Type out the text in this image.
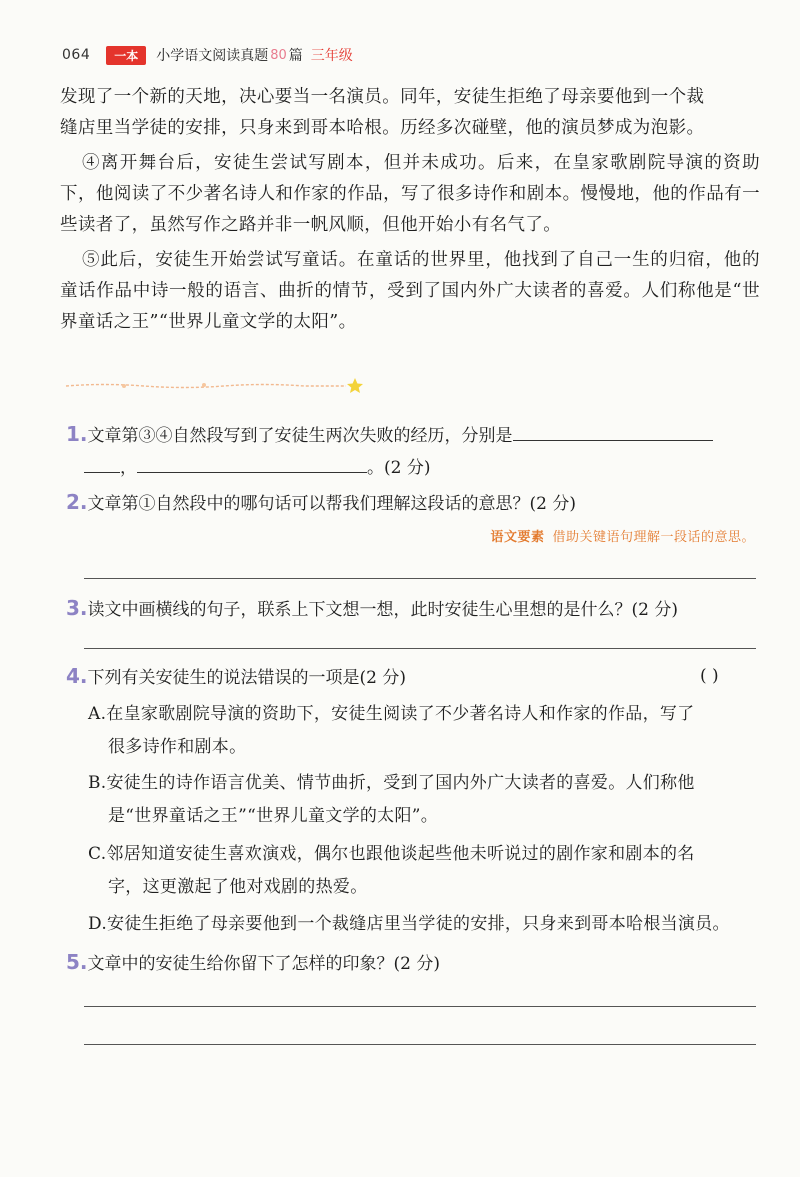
064	一本	小学语文阅读真题 80 篇 三年级

发现了一个新的天地，决心要当一名演员。同年，安徒生拒绝了母亲要他到一个裁

缝店里当学徒的安排，只身来到哥本哈根。历经多次碰壁，他的演员梦成为泡影。

④离开舞台后，安徒生尝试写剧本，但并未成功。后来，在皇家歌剧院导演的资助下，他阅读了不少著名诗人和作家的作品，写了很多诗作和剧本。慢慢地，他的作品有一些读者了，虽然写作之路并非一帆风顺，但他开始小有名气了。

⑤此后，安徒生开始尝试写童话。在童话的世界里，他找到了自己一生的归宿，他的童话作品中诗一般的语言、曲折的情节，受到了国内外广大读者的喜爱。人们称他是“世界童话之王”“世界儿童文学的太阳”。

1.文章第③④自然段写到了安徒生两次失败的经历，分别是
，	。(2 分)
2.文章第①自然段中的哪句话可以帮我们理解这段话的意思？(2 分)
语文要素 借助关键语句理解一段话的意思。
3.读文中画横线的句子，联系上下文想一想，此时安徒生心里想的是什么？(2 分)
4.下列有关安徒生的说法错误的一项是(2 分)	( )
A.在皇家歌剧院导演的资助下，安徒生阅读了不少著名诗人和作家的作品，写了
很多诗作和剧本。
B.安徒生的诗作语言优美、情节曲折，受到了国内外广大读者的喜爱。人们称他
是“世界童话之王”“世界儿童文学的太阳”。
C.邻居知道安徒生喜欢演戏，偶尔也跟他谈起些他未听说过的剧作家和剧本的名
字，这更激起了他对戏剧的热爱。
D.安徒生拒绝了母亲要他到一个裁缝店里当学徒的安排，只身来到哥本哈根当演员。
5.文章中的安徒生给你留下了怎样的印象？(2 分)
